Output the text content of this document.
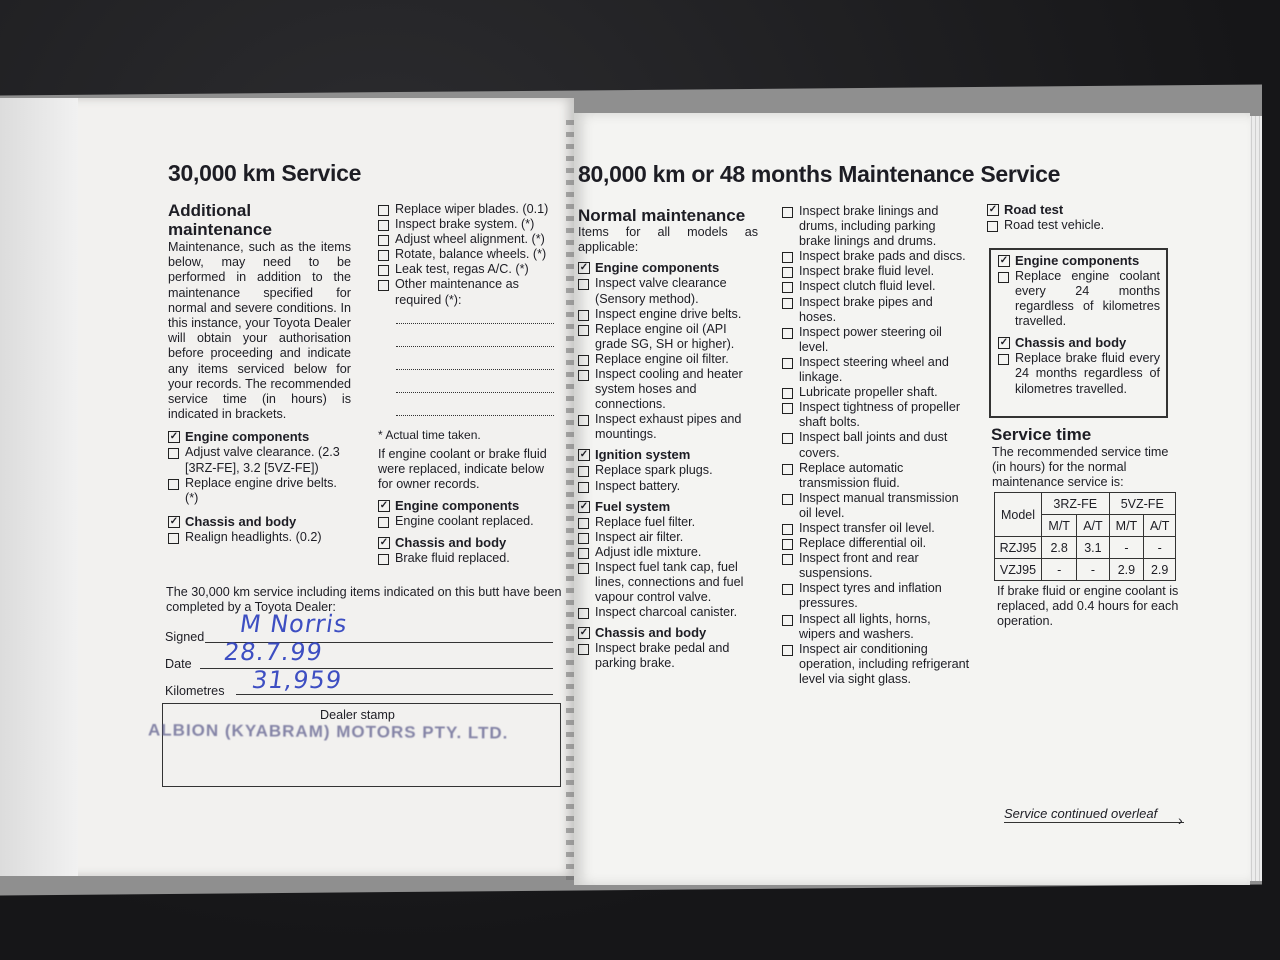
30,000 km Service
Additional maintenance

Maintenance, such as the items below, may need to be performed in addition to the maintenance specified for normal and severe conditions. In this instance, your Toyota Dealer will obtain your authorisation before proceeding and indicate any items serviced below for your records. The recommended service time (in hours) is indicated in brackets.

✓ Engine components
Adjust valve clearance. (2.3 [3RZ-FE], 3.2 [5VZ-FE])
Replace engine drive belts. (*)
✓ Chassis and body
Realign headlights. (0.2)
Replace wiper blades. (0.1)
Inspect brake system. (*)
Adjust wheel alignment. (*)
Rotate, balance wheels. (*)
Leak test, regas A/C. (*)
Other maintenance as required (*):
* Actual time taken.

If engine coolant or brake fluid were replaced, indicate below for owner records.

✓ Engine components
Engine coolant replaced.
✓ Chassis and body
Brake fluid replaced.
The 30,000 km service including items indicated on this butt have been completed by a Toyota Dealer:
Signed M Norris
Date 28.7.99
Kilometres 31,959
Dealer stamp
ALBION (KYABRAM) MOTORS PTY. LTD.
80,000 km or 48 months Maintenance Service
Normal maintenance

Items for all models as applicable:

✓ Engine components
Inspect valve clearance (Sensory method).
Inspect engine drive belts.
Replace engine oil (API grade SG, SH or higher).
Replace engine oil filter.
Inspect cooling and heater system hoses and connections.
Inspect exhaust pipes and mountings.
✓ Ignition system
Replace spark plugs.
Inspect battery.
✓ Fuel system
Replace fuel filter.
Inspect air filter.
Adjust idle mixture.
Inspect fuel tank cap, fuel lines, connections and fuel vapour control valve.
Inspect charcoal canister.
✓ Chassis and body
Inspect brake pedal and parking brake.
Inspect brake linings and drums, including parking brake linings and drums.
Inspect brake pads and discs.
Inspect brake fluid level.
Inspect clutch fluid level.
Inspect brake pipes and hoses.
Inspect power steering oil level.
Inspect steering wheel and linkage.
Lubricate propeller shaft.
Inspect tightness of propeller shaft bolts.
Inspect ball joints and dust covers.
Replace automatic transmission fluid.
Inspect manual transmission oil level.
Inspect transfer oil level.
Replace differential oil.
Inspect front and rear suspensions.
Inspect tyres and inflation pressures.
Inspect all lights, horns, wipers and washers.
Inspect air conditioning operation, including refrigerant level via sight glass.
✓ Road test
Road test vehicle.
✓ Engine components
Replace engine coolant every 24 months regardless of kilometres travelled.
✓ Chassis and body
Replace brake fluid every 24 months regardless of kilometres travelled.
Service time
The recommended service time (in hours) for the normal maintenance service is:
Model	3RZ-FE		5VZ-FE	
	M/T	A/T	M/T	A/T
RZJ95	2.8	3.1	-	-
VZJ95	-	-	2.9	2.9
If brake fluid or engine coolant is replaced, add 0.4 hours for each operation.
Service continued overleaf ›
